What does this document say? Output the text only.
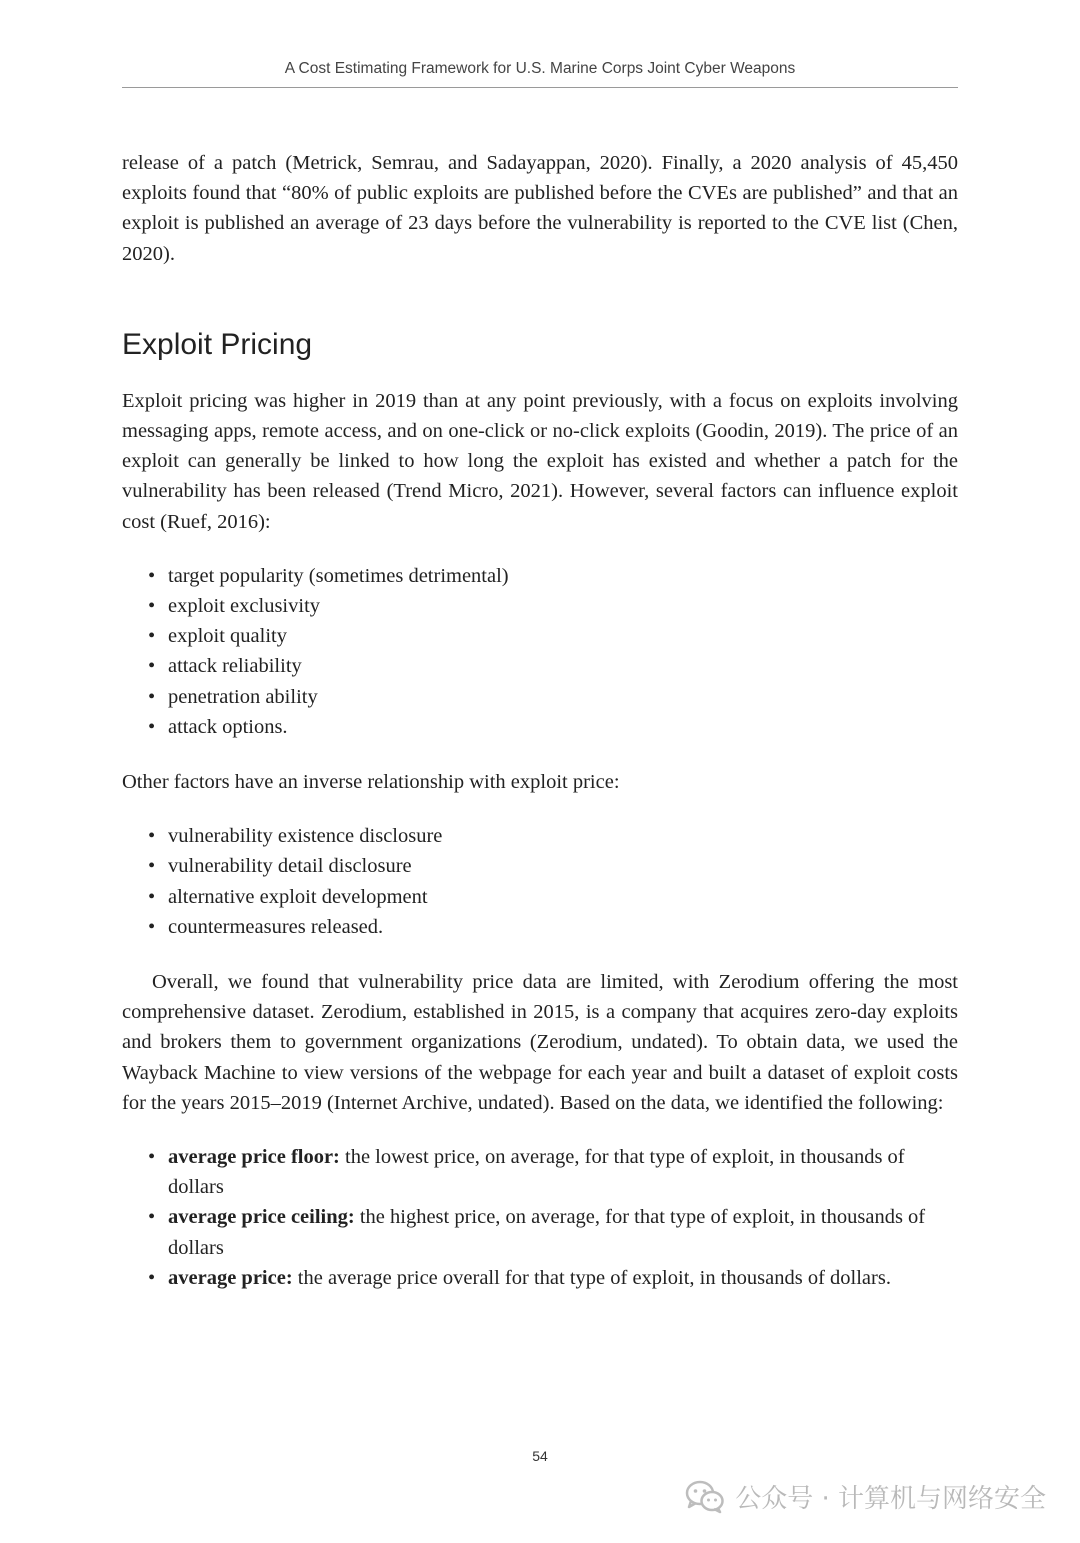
A Cost Estimating Framework for U.S. Marine Corps Joint Cyber Weapons

release of a patch (Metrick, Semrau, and Sadayappan, 2020). Finally, a 2020 analysis of 45,450 exploits found that “80% of public exploits are published before the CVEs are published” and that an exploit is published an average of 23 days before the vulnerability is reported to the CVE list (Chen, 2020).

Exploit Pricing

Exploit pricing was higher in 2019 than at any point previously, with a focus on exploits involving messaging apps, remote access, and on one-click or no-click exploits (Goodin, 2019). The price of an exploit can generally be linked to how long the exploit has existed and whether a patch for the vulnerability has been released (Trend Micro, 2021). However, several factors can influence exploit cost (Ruef, 2016):

• target popularity (sometimes detrimental)
• exploit exclusivity
• exploit quality
• attack reliability
• penetration ability
• attack options.

Other factors have an inverse relationship with exploit price:

• vulnerability existence disclosure
• vulnerability detail disclosure
• alternative exploit development
• countermeasures released.

Overall, we found that vulnerability price data are limited, with Zerodium offering the most comprehensive dataset. Zerodium, established in 2015, is a company that acquires zero-day exploits and brokers them to government organizations (Zerodium, undated). To obtain data, we used the Wayback Machine to view versions of the webpage for each year and built a dataset of exploit costs for the years 2015–2019 (Internet Archive, undated). Based on the data, we identified the following:

• average price floor: the lowest price, on average, for that type of exploit, in thousands of dollars
• average price ceiling: the highest price, on average, for that type of exploit, in thousands of dollars
• average price: the average price overall for that type of exploit, in thousands of dollars.
54
公众号 · 计算机与网络安全
